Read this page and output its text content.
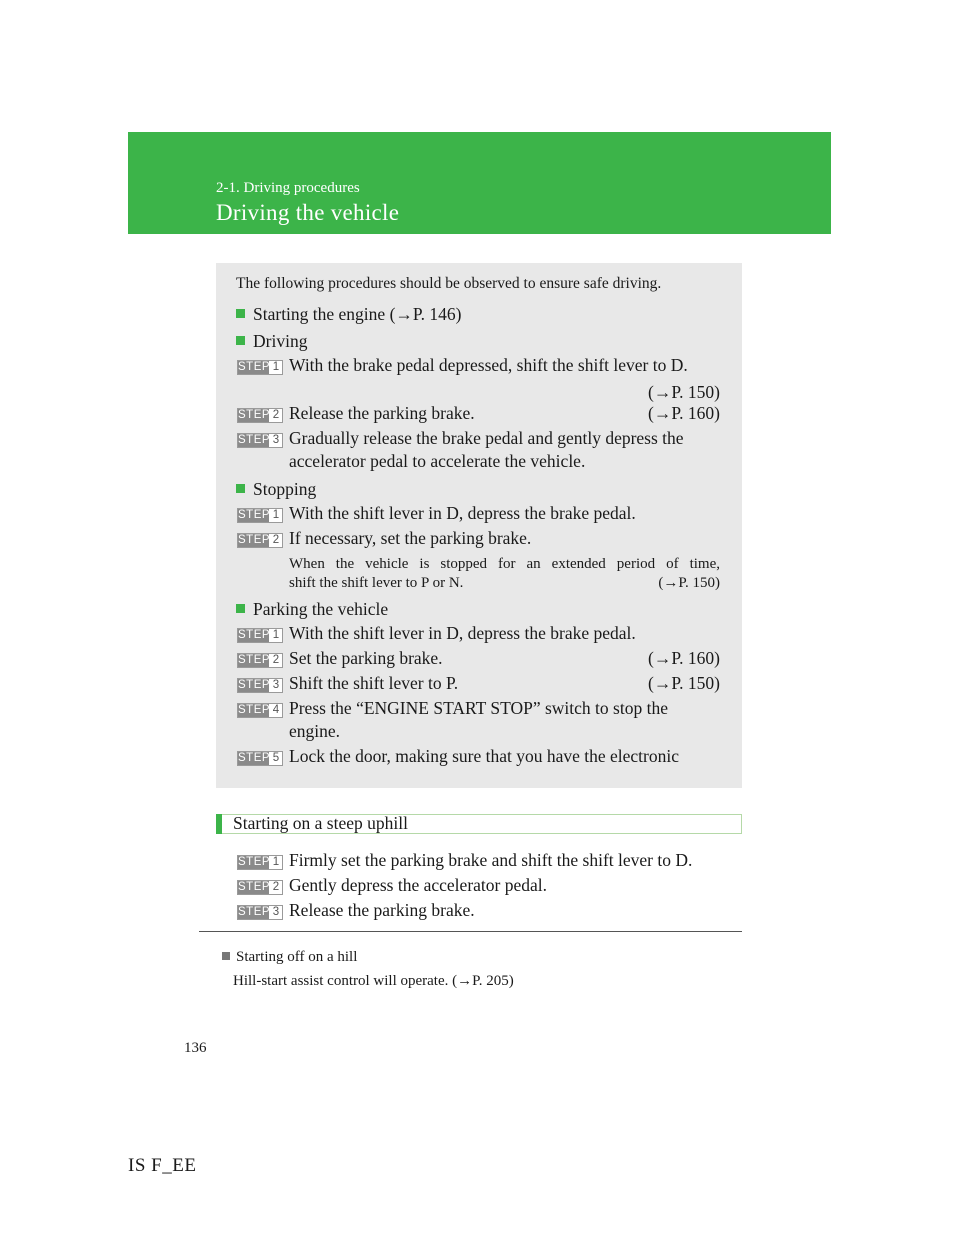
2-1. Driving procedures
Driving the vehicle
The following procedures should be observed to ensure safe driving.
Starting the engine (→P. 146)
Driving
STEP 1 With the brake pedal depressed, shift the shift lever to D.
(→P. 150)
STEP 2 Release the parking brake.	(→P. 160)
STEP 3 Gradually release the brake pedal and gently depress the
accelerator pedal to accelerate the vehicle.
Stopping
STEP 1 With the shift lever in D, depress the brake pedal.
STEP 2 If necessary, set the parking brake.
When the vehicle is stopped for an extended period of time,
shift the shift lever to P or N.	(→P. 150)
Parking the vehicle
STEP 1 With the shift lever in D, depress the brake pedal.
STEP 2 Set the parking brake.	(→P. 160)
STEP 3 Shift the shift lever to P.	(→P. 150)
STEP 4 Press the “ENGINE START STOP” switch to stop the
engine.
STEP 5 Lock the door, making sure that you have the electronic
Starting on a steep uphill
STEP 1 Firmly set the parking brake and shift the shift lever to D.
STEP 2 Gently depress the accelerator pedal.
STEP 3 Release the parking brake.
Starting off on a hill
Hill-start assist control will operate. (→P. 205)
136
IS F_EE
